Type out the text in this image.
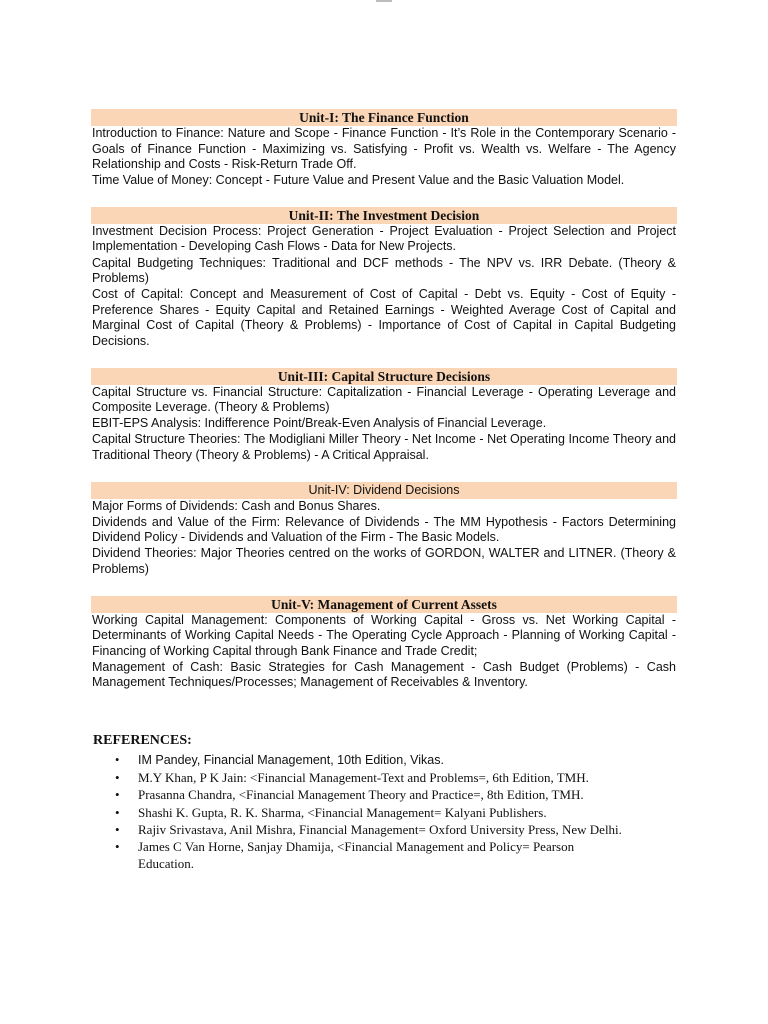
Unit-I: The Finance Function

Introduction to Finance: Nature and Scope - Finance Function - It’s Role in the Contemporary Scenario - Goals of Finance Function - Maximizing vs. Satisfying - Profit vs. Wealth vs. Welfare - The Agency Relationship and Costs - Risk-Return Trade Off.

Time Value of Money: Concept - Future Value and Present Value and the Basic Valuation Model.

Unit-II: The Investment Decision

Investment Decision Process: Project Generation - Project Evaluation - Project Selection and Project Implementation - Developing Cash Flows - Data for New Projects.

Capital Budgeting Techniques: Traditional and DCF methods - The NPV vs. IRR Debate. (Theory & Problems)

Cost of Capital: Concept and Measurement of Cost of Capital - Debt vs. Equity - Cost of Equity - Preference Shares - Equity Capital and Retained Earnings - Weighted Average Cost of Capital and Marginal Cost of Capital (Theory & Problems) - Importance of Cost of Capital in Capital Budgeting Decisions.

Unit-III: Capital Structure Decisions

Capital Structure vs. Financial Structure: Capitalization - Financial Leverage - Operating Leverage and Composite Leverage. (Theory & Problems)

EBIT-EPS Analysis: Indifference Point/Break-Even Analysis of Financial Leverage.

Capital Structure Theories: The Modigliani Miller Theory - Net Income - Net Operating Income Theory and Traditional Theory (Theory & Problems) - A Critical Appraisal.

Unit-IV: Dividend Decisions

Major Forms of Dividends: Cash and Bonus Shares.

Dividends and Value of the Firm: Relevance of Dividends - The MM Hypothesis - Factors Determining Dividend Policy - Dividends and Valuation of the Firm - The Basic Models.

Dividend Theories: Major Theories centred on the works of GORDON, WALTER and LITNER. (Theory & Problems)

Unit-V: Management of Current Assets

Working Capital Management: Components of Working Capital - Gross vs. Net Working Capital - Determinants of Working Capital Needs - The Operating Cycle Approach - Planning of Working Capital - Financing of Working Capital through Bank Finance and Trade Credit;

Management of Cash: Basic Strategies for Cash Management - Cash Budget (Problems) - Cash Management Techniques/Processes; Management of Receivables & Inventory.

REFERENCES:
• IM Pandey, Financial Management, 10th Edition, Vikas.
• M.Y Khan, P K Jain: <Financial Management-Text and Problems=, 6th Edition, TMH.
• Prasanna Chandra, <Financial Management Theory and Practice=, 8th Edition, TMH.
• Shashi K. Gupta, R. K. Sharma, <Financial Management= Kalyani Publishers.
• Rajiv Srivastava, Anil Mishra, Financial Management= Oxford University Press, New Delhi.
• James C Van Horne, Sanjay Dhamija, <Financial Management and Policy= Pearson Education.
